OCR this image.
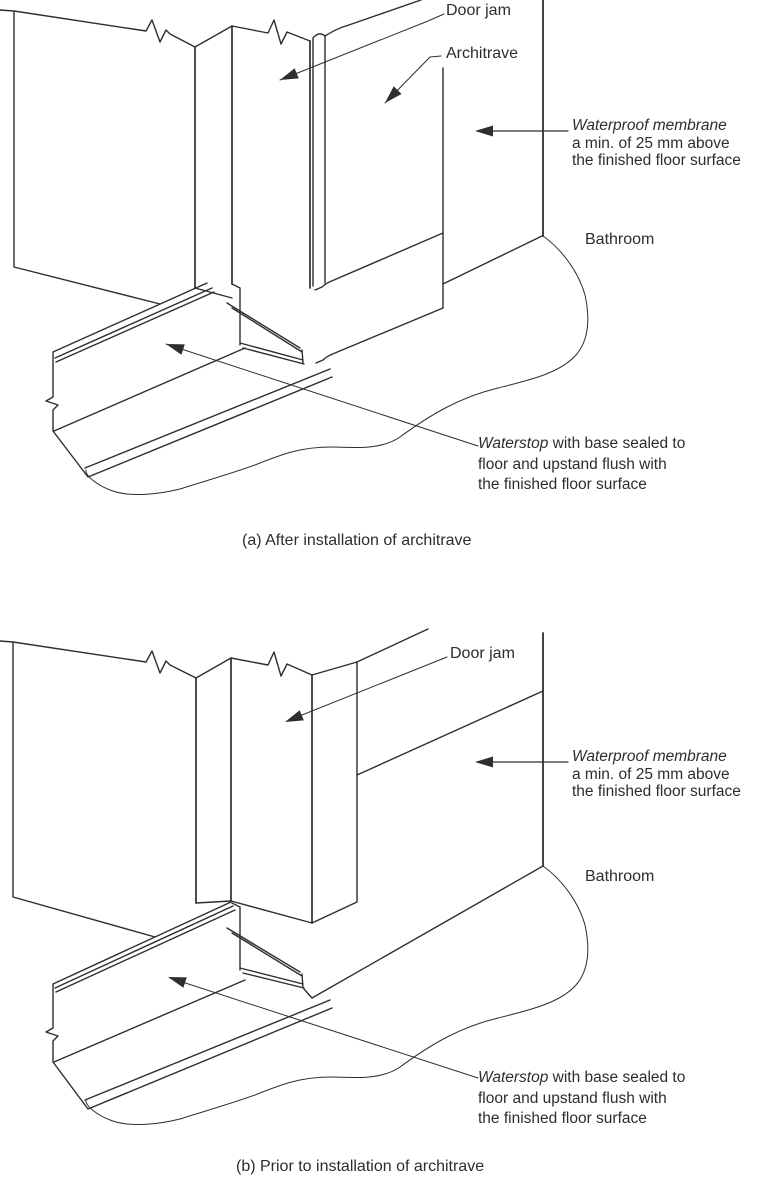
Door jam
Architrave
Waterproof membrane
a min. of 25 mm above
the finished floor surface
Bathroom
Waterstop with base sealed to
floor and upstand flush with
the finished floor surface
(a) After installation of architrave
Door jam
Waterproof membrane
a min. of 25 mm above
the finished floor surface
Bathroom
Waterstop with base sealed to
floor and upstand flush with
the finished floor surface
(b) Prior to installation of architrave
